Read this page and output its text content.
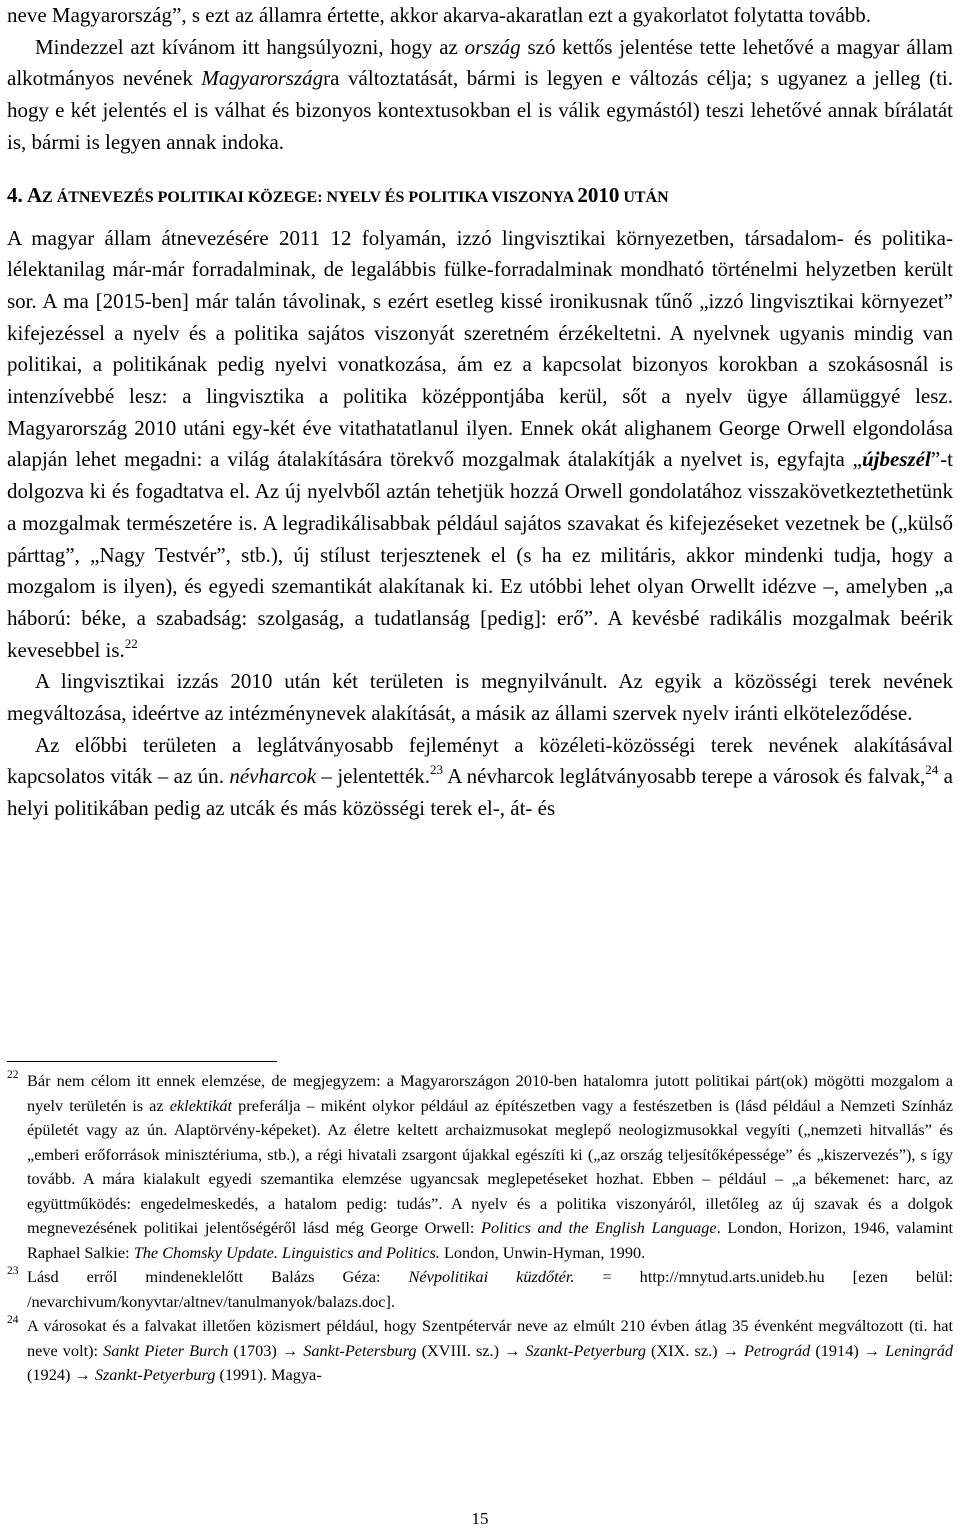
neve Magyarország”, s ezt az államra értette, akkor akarva-akaratlan ezt a gyakorlatot folytatta tovább.

Mindezzel azt kívánom itt hangsúlyozni, hogy az ország szó kettős jelentése tette lehetővé a magyar állam alkotmányos nevének Magyarországra változtatását, bármi is legyen e változás célja; s ugyanez a jelleg (ti. hogy e két jelentés el is válhat és bizonyos kontextusokban el is válik egymástól) teszi lehetővé annak bírálatát is, bármi is legyen annak indoka.

4. AZ ÁTNEVEZÉS POLITIKAI KÖZEGE: NYELV ÉS POLITIKA VISZONYA 2010 UTÁN

A magyar állam átnevezésére 2011 12 folyamán, izzó lingvisztikai környezetben, társadalom- és politika-lélektanilag már-már forradalminak, de legalábbis fülke-forradalminak mondható történelmi helyzetben került sor. A ma [2015-ben] már talán távolinak, s ezért esetleg kissé ironikusnak tűnő „izzó lingvisztikai környezet” kifejezéssel a nyelv és a politika sajátos viszonyát szeretném érzékeltetni. A nyelvnek ugyanis mindig van politikai, a politikának pedig nyelvi vonatkozása, ám ez a kapcsolat bizonyos korokban a szokásosnál is intenzívebbé lesz: a lingvisztika a politika középpontjába kerül, sőt a nyelv ügye államüggyé lesz. Magyarország 2010 utáni egy-két éve vitathatatlanul ilyen. Ennek okát alighanem George Orwell elgondolása alapján lehet megadni: a világ átalakítására törekvő mozgalmak átalakítják a nyelvet is, egyfajta „újbeszél”-t dolgozva ki és fogadtatva el. Az új nyelvből aztán tehetjük hozzá Orwell gondolatához visszakövetkeztethetünk a mozgalmak természetére is. A legradikálisabbak például sajátos szavakat és kifejezéseket vezetnek be („külső párttag”, „Nagy Testvér”, stb.), új stílust terjesztenek el (s ha ez militáris, akkor mindenki tudja, hogy a mozgalom is ilyen), és egyedi szemantikát alakítanak ki. Ez utóbbi lehet olyan Orwellt idézve –, amelyben „a háború: béke, a szabadság: szolgaság, a tudatlanság [pedig]: erő”. A kevésbé radikális mozgalmak beérik kevesebbel is.$^{22}$

A lingvisztikai izzás 2010 után két területen is megnyilvánult. Az egyik a közösségi terek nevének megváltozása, ideértve az intézménynevek alakítását, a másik az állami szervek nyelv iránti elköteleződése.

Az előbbi területen a leglátványosabb fejleményt a közéleti-közösségi terek nevének alakításával kapcsolatos viták – az ún. névharcok – jelentették.$^{23}$ A névharcok leglátványosabb terepe a városok és falvak,$^{24}$ a helyi politikában pedig az utcák és más közösségi terek el-, át- és

22 Bár nem célom itt ennek elemzése, de megjegyzem: a Magyarországon 2010-ben hatalomra jutott politikai párt(ok) mögötti mozgalom a nyelv területén is az eklektikát preferálja – miként olykor például az építészetben vagy a festészetben is (lásd például a Nemzeti Színház épületét vagy az ún. Alaptörvény-képeket). Az életre keltett archaizmusokat meglepő neologizmusokkal vegyíti („nemzeti hitvallás” és „emberi erőforrások minisztériuma, stb.), a régi hivatali zsargont újakkal egészíti ki („az ország teljesítőképessége” és „kiszervezés”), s így tovább. A mára kialakult egyedi szemantika elemzése ugyancsak meglepetéseket hozhat. Ebben – például – „a békemenet: harc, az együttműködés: engedelmeskedés, a hatalom pedig: tudás”. A nyelv és a politika viszonyáról, illetőleg az új szavak és a dolgok megnevezésének politikai jelentőségéről lásd még George Orwell: Politics and the English Language. London, Horizon, 1946, valamint Raphael Salkie: The Chomsky Update. Linguistics and Politics. London, Unwin-Hyman, 1990.

23 Lásd erről mindeneklelőtt Balázs Géza: Névpolitikai küzdőtér. = http://mnytud.arts.unideb.hu [ezen belül: /nevarchivum/konyvtar/altnev/tanulmanyok/balazs.doc].

24 A városokat és a falvakat illetően közismert például, hogy Szentpétervár neve az elmúlt 210 évben átlag 35 évenként megváltozott (ti. hat neve volt): Sankt Pieter Burch (1703) → Sankt-Petersburg (XVIII. sz.) → Szankt-Petyerburg (XIX. sz.) → Petrográd (1914) → Leningrád (1924) → Szankt-Petyerburg (1991). Magya-

15
